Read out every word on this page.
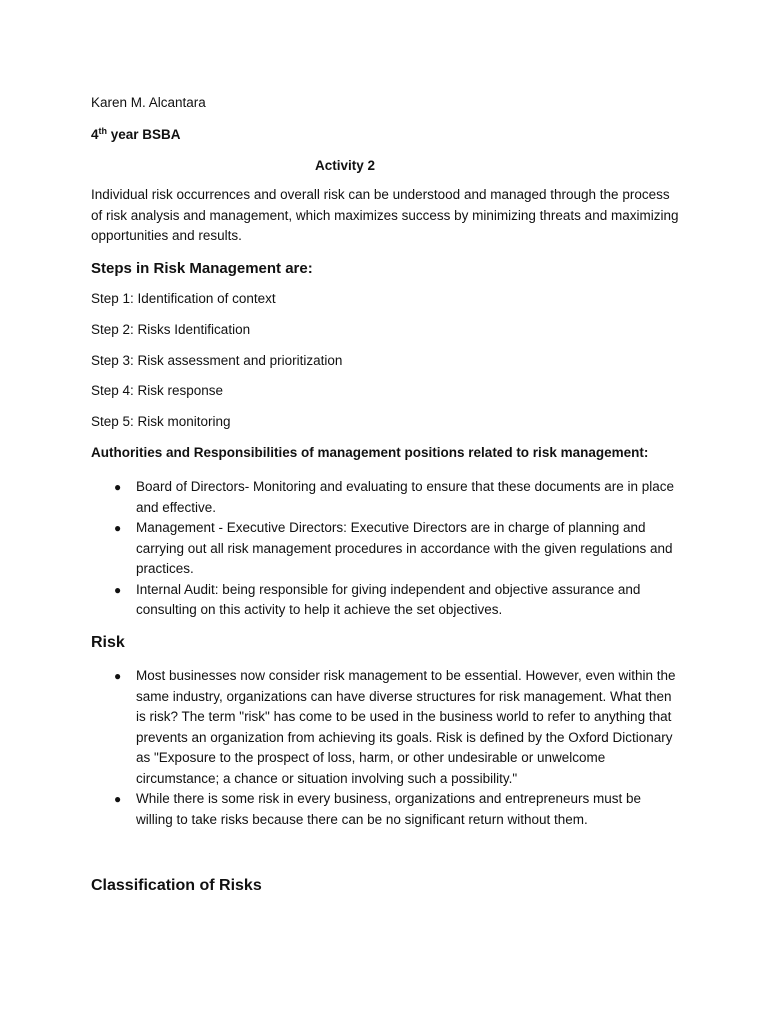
Karen M. Alcantara
4th year BSBA
Activity 2
Individual risk occurrences and overall risk can be understood and managed through the process of risk analysis and management, which maximizes success by minimizing threats and maximizing opportunities and results.
Steps in Risk Management are:
Step 1: Identification of context
Step 2: Risks Identification
Step 3: Risk assessment and prioritization
Step 4: Risk response
Step 5: Risk monitoring
Authorities and Responsibilities of management positions related to risk management:
● Board of Directors- Monitoring and evaluating to ensure that these documents are in place and effective.
● Management - Executive Directors: Executive Directors are in charge of planning and carrying out all risk management procedures in accordance with the given regulations and practices.
● Internal Audit: being responsible for giving independent and objective assurance and consulting on this activity to help it achieve the set objectives.
Risk
● Most businesses now consider risk management to be essential. However, even within the same industry, organizations can have diverse structures for risk management. What then is risk? The term "risk" has come to be used in the business world to refer to anything that prevents an organization from achieving its goals. Risk is defined by the Oxford Dictionary as "Exposure to the prospect of loss, harm, or other undesirable or unwelcome circumstance; a chance or situation involving such a possibility."
● While there is some risk in every business, organizations and entrepreneurs must be willing to take risks because there can be no significant return without them.
Classification of Risks
